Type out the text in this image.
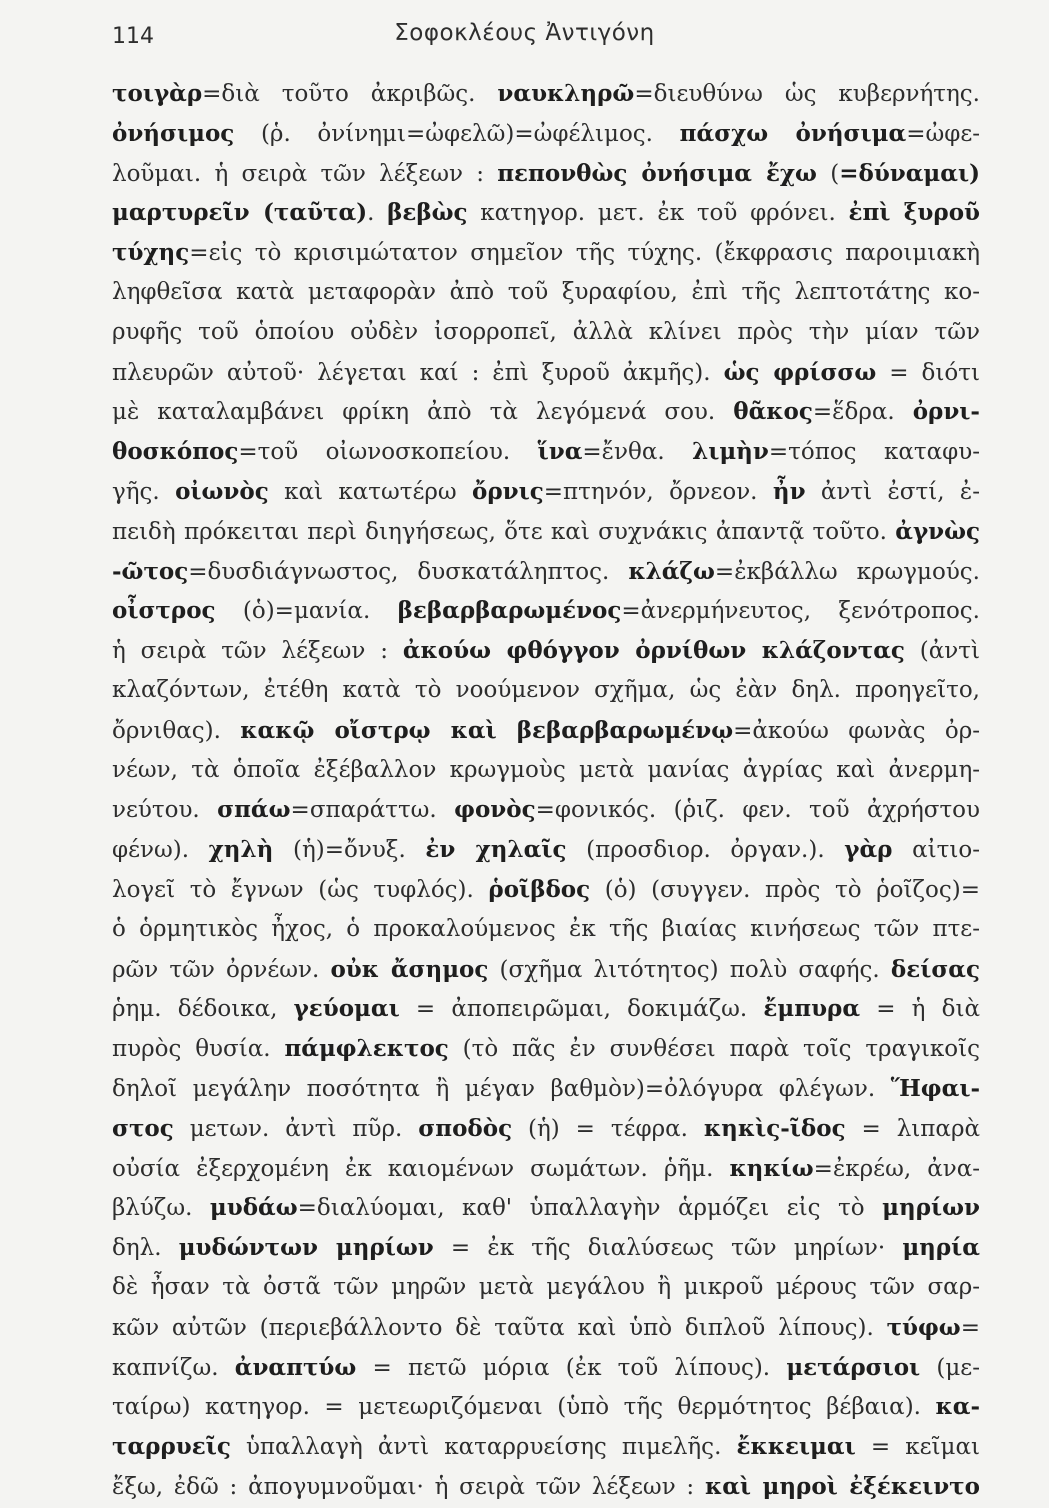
114	Σοφοκλέους Ἀντιγόνη
τοιγὰρ=διὰ τοῦτο ἀκριβῶς. ναυκληρῶ=διευθύνω ὡς κυβερνήτης.
ὀνήσιμος (ῥ. ὀνίνημι=ὠφελῶ)=ὠφέλιμος. πάσχω ὀνήσιμα=ὠφε-
λοῦμαι. ἡ σειρὰ τῶν λέξεων : πεπονθὼς ὀνήσιμα ἔχω (=δύναμαι)
μαρτυρεῖν (ταῦτα). βεβὼς κατηγορ. μετ. ἐκ τοῦ φρόνει. ἐπὶ ξυροῦ
τύχης=εἰς τὸ κρισιμώτατον σημεῖον τῆς τύχης. (ἔκφρασις παροιμιακὴ
ληφθεῖσα κατὰ μεταφορὰν ἀπὸ τοῦ ξυραφίου, ἐπὶ τῆς λεπτοτάτης κο-
ρυφῆς τοῦ ὁποίου οὐδὲν ἰσορροπεῖ, ἀλλὰ κλίνει πρὸς τὴν μίαν τῶν
πλευρῶν αὐτοῦ· λέγεται καί : ἐπὶ ξυροῦ ἀκμῆς). ὡς φρίσσω = διότι
μὲ καταλαμβάνει φρίκη ἀπὸ τὰ λεγόμενά σου. θᾶκος=ἕδρα. ὀρνι-
θοσκόπος=τοῦ οἰωνοσκοπείου. ἵνα=ἔνθα. λιμὴν=τόπος καταφυ-
γῆς. οἰωνὸς καὶ κατωτέρω ὄρνις=πτηνόν, ὄρνεον. ἦν ἀντὶ ἐστί, ἐ-
πειδὴ πρόκειται περὶ διηγήσεως, ὅτε καὶ συχνάκις ἀπαντᾷ τοῦτο. ἀγνὼς
-ῶτος=δυσδιάγνωστος, δυσκατάληπτος. κλάζω=ἐκβάλλω κρωγμούς.
οἶστρος (ὁ)=μανία. βεβαρβαρωμένος=ἀνερμήνευτος, ξενότροπος.
ἡ σειρὰ τῶν λέξεων : ἀκούω φθόγγον ὀρνίθων κλάζοντας (ἀντὶ
κλαζόντων, ἐτέθη κατὰ τὸ νοούμενον σχῆμα, ὡς ἐὰν δηλ. προηγεῖτο,
ὄρνιθας). κακῷ οἴστρῳ καὶ βεβαρβαρωμένῳ=ἀκούω φωνὰς ὀρ-
νέων, τὰ ὁποῖα ἐξέβαλλον κρωγμοὺς μετὰ μανίας ἀγρίας καὶ ἀνερμη-
νεύτου. σπάω=σπαράττω. φονὸς=φονικός. (ῥιζ. φεν. τοῦ ἀχρήστου
φένω). χηλὴ (ἡ)=ὄνυξ. ἐν χηλαῖς (προσδιορ. ὀργαν.). γὰρ αἰτιο-
λογεῖ τὸ ἔγνων (ὡς τυφλός). ῥοῖβδος (ὁ) (συγγεν. πρὸς τὸ ῥοῖζος)=
ὁ ὁρμητικὸς ἦχος, ὁ προκαλούμενος ἐκ τῆς βιαίας κινήσεως τῶν πτε-
ρῶν τῶν ὀρνέων. οὐκ ἄσημος (σχῆμα λιτότητος) πολὺ σαφής. δείσας
ῥημ. δέδοικα, γεύομαι = ἀποπειρῶμαι, δοκιμάζω. ἔμπυρα = ἡ διὰ
πυρὸς θυσία. πάμφλεκτος (τὸ πᾶς ἐν συνθέσει παρὰ τοῖς τραγικοῖς
δηλοῖ μεγάλην ποσότητα ἢ μέγαν βαθμὸν)=ὀλόγυρα φλέγων. Ἥφαι-
στος μετων. ἀντὶ πῦρ. σποδὸς (ἡ) = τέφρα. κηκὶς-ῖδος = λιπαρὰ
οὐσία ἐξερχομένη ἐκ καιομένων σωμάτων. ῥῆμ. κηκίω=ἐκρέω, ἀνα-
βλύζω. μυδάω=διαλύομαι, καθ' ὑπαλλαγὴν ἁρμόζει εἰς τὸ μηρίων
δηλ. μυδώντων μηρίων = ἐκ τῆς διαλύσεως τῶν μηρίων· μηρία
δὲ ἦσαν τὰ ὀστᾶ τῶν μηρῶν μετὰ μεγάλου ἢ μικροῦ μέρους τῶν σαρ-
κῶν αὐτῶν (περιεβάλλοντο δὲ ταῦτα καὶ ὑπὸ διπλοῦ λίπους). τύφω=
καπνίζω. ἀναπτύω = πετῶ μόρια (ἐκ τοῦ λίπους). μετάρσιοι (με-
ταίρω) κατηγορ. = μετεωριζόμεναι (ὑπὸ τῆς θερμότητος βέβαια). κα-
ταρρυεῖς ὑπαλλαγὴ ἀντὶ καταρρυείσης πιμελῆς. ἔκκειμαι = κεῖμαι
ἔξω, ἐδῶ : ἀπογυμνοῦμαι· ἡ σειρὰ τῶν λέξεων : καὶ μηροὶ ἐξέκειντο
